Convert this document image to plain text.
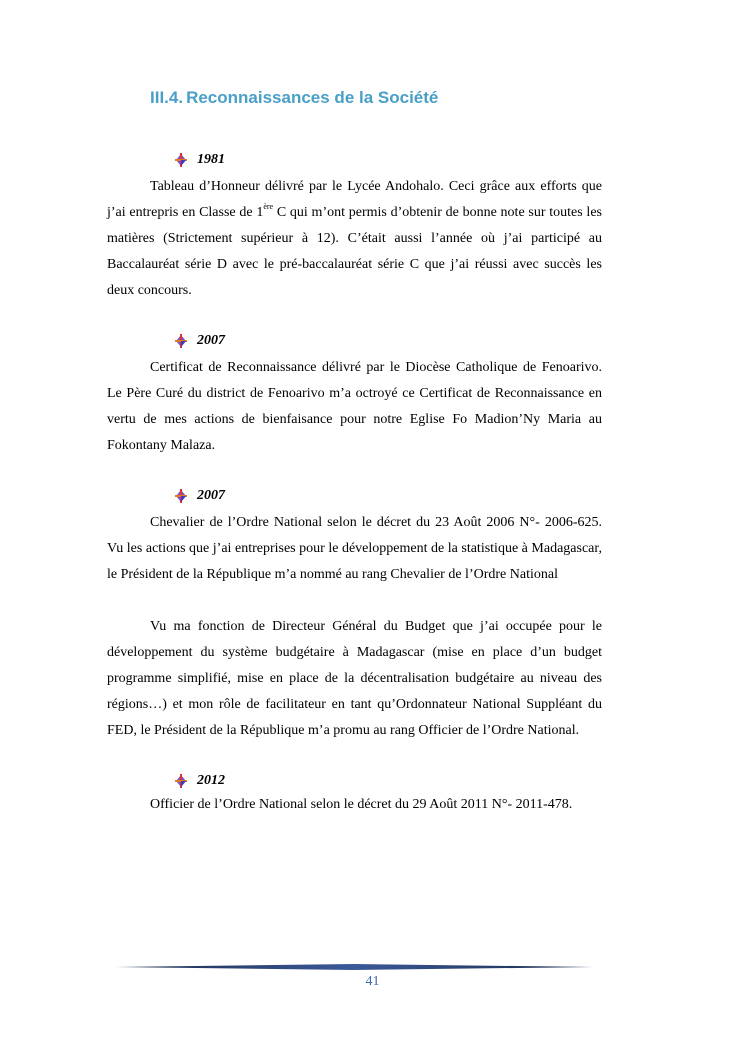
III.4. Reconnaissances de la Société
1981
Tableau d’Honneur délivré par le Lycée Andohalo. Ceci grâce aux efforts que j’ai entrepris en Classe de 1ère C qui m’ont permis d’obtenir de bonne note sur toutes les matières (Strictement supérieur à 12). C’était aussi l’année où j’ai participé au Baccalauréat série D avec le pré-baccalauréat série C que j’ai réussi avec succès les deux concours.
2007
Certificat de Reconnaissance délivré par le Diocèse Catholique de Fenoarivo. Le Père Curé du district de Fenoarivo m’a octroyé ce Certificat de Reconnaissance en vertu de mes actions de bienfaisance pour notre Eglise Fo Madion’Ny Maria au Fokontany Malaza.
2007
Chevalier de l’Ordre National selon le décret du 23 Août 2006 N°- 2006-625. Vu les actions que j’ai entreprises pour le développement de la statistique à Madagascar, le Président de la République m’a nommé au rang Chevalier de l’Ordre National
Vu ma fonction de Directeur Général du Budget que j’ai occupée pour le développement du système budgétaire à Madagascar (mise en place d’un budget programme simplifié, mise en place de la décentralisation budgétaire au niveau des régions…) et mon rôle de facilitateur en tant qu’Ordonnateur National Suppléant du FED, le Président de la République m’a promu au rang Officier de l’Ordre National.
2012
Officier de l’Ordre National selon le décret du 29 Août 2011 N°- 2011-478.
41
